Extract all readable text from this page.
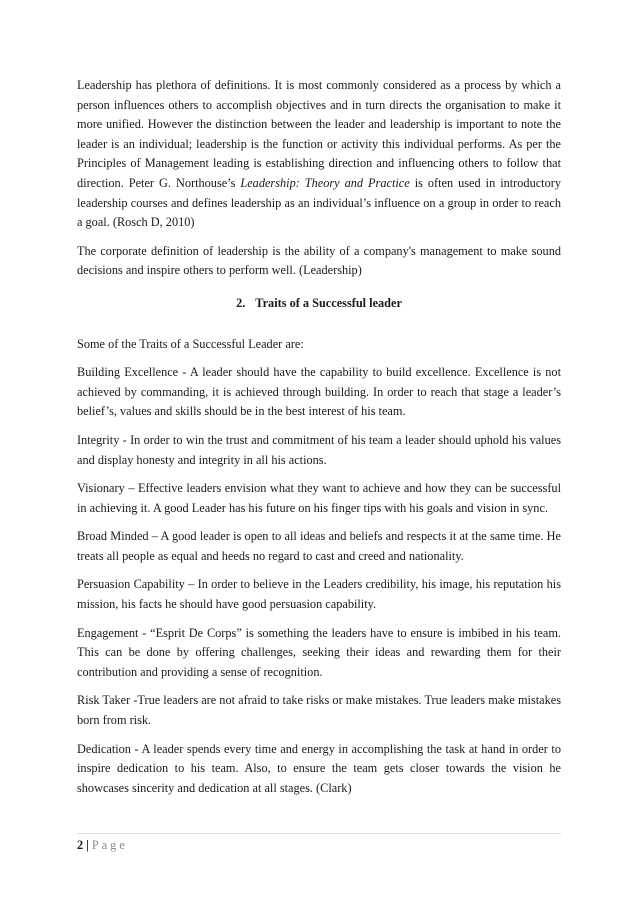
Leadership has plethora of definitions. It is most commonly considered as a process by which a person influences others to accomplish objectives and in turn directs the organisation to make it more unified. However the distinction between the leader and leadership is important to note the leader is an individual; leadership is the function or activity this individual performs. As per the Principles of Management leading is establishing direction and influencing others to follow that direction. Peter G. Northouse’s Leadership: Theory and Practice is often used in introductory leadership courses and defines leadership as an individual’s influence on a group in order to reach a goal. (Rosch D, 2010)

The corporate definition of leadership is the ability of a company's management to make sound decisions and inspire others to perform well. (Leadership)

2. Traits of a Successful leader

Some of the Traits of a Successful Leader are:

Building Excellence - A leader should have the capability to build excellence. Excellence is not achieved by commanding, it is achieved through building. In order to reach that stage a leader’s belief’s, values and skills should be in the best interest of his team.

Integrity - In order to win the trust and commitment of his team a leader should uphold his values and display honesty and integrity in all his actions.

Visionary – Effective leaders envision what they want to achieve and how they can be successful in achieving it. A good Leader has his future on his finger tips with his goals and vision in sync.

Broad Minded – A good leader is open to all ideas and beliefs and respects it at the same time. He treats all people as equal and heeds no regard to cast and creed and nationality.

Persuasion Capability – In order to believe in the Leaders credibility, his image, his reputation his mission, his facts he should have good persuasion capability.

Engagement - “Esprit De Corps” is something the leaders have to ensure is imbibed in his team. This can be done by offering challenges, seeking their ideas and rewarding them for their contribution and providing a sense of recognition.

Risk Taker -True leaders are not afraid to take risks or make mistakes. True leaders make mistakes born from risk.

Dedication - A leader spends every time and energy in accomplishing the task at hand in order to inspire dedication to his team. Also, to ensure the team gets closer towards the vision he showcases sincerity and dedication at all stages. (Clark)

2 | Page
